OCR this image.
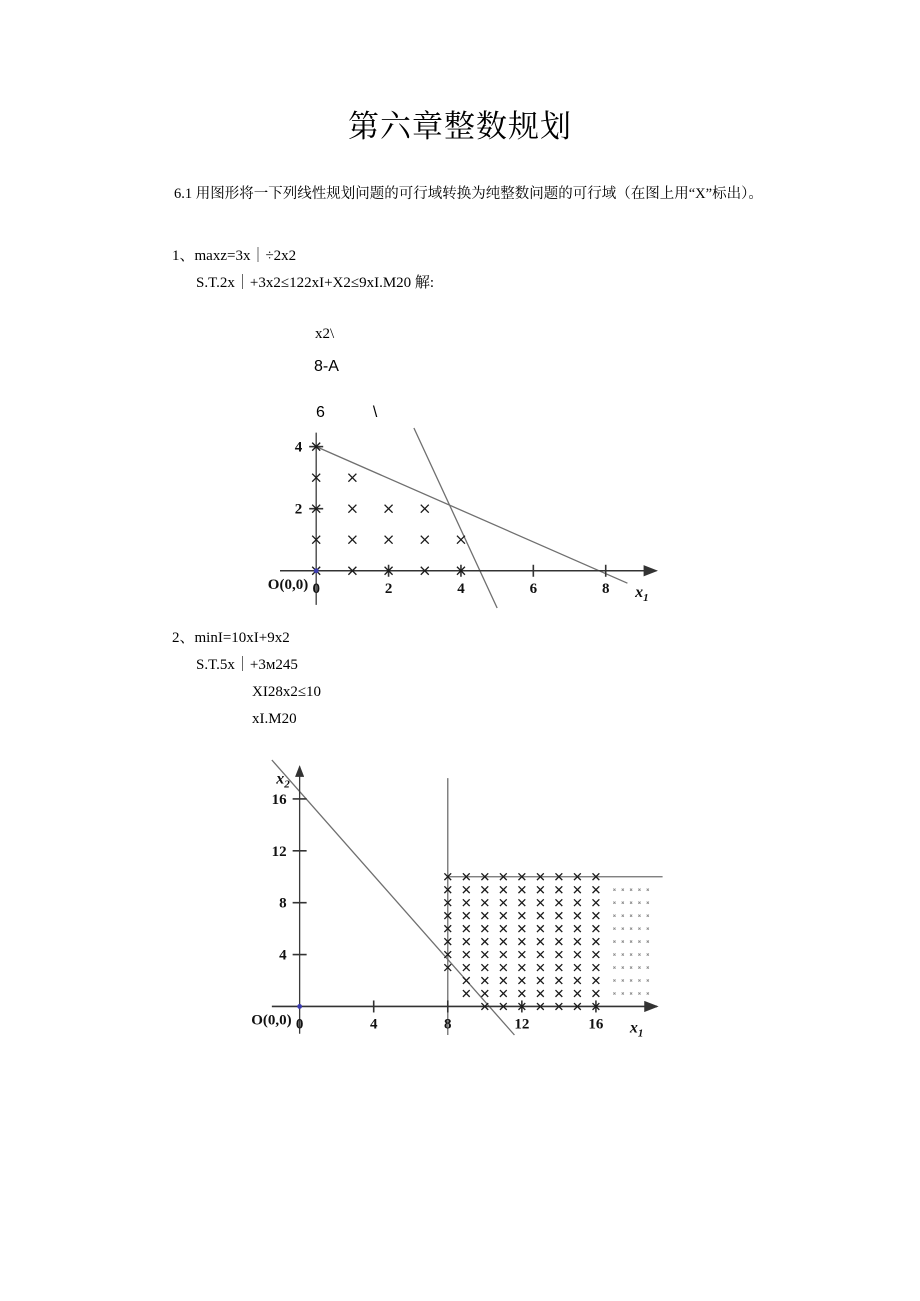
第六章整数规划
6.1 用图形将一下列线性规划问题的可行域转换为纯整数问题的可行域（在图上用“X”标出）。
1、maxz=3x｜÷2x2
S.T.2x｜+3x2≤122xI+X2≤9xI.M20 解:
x2\
8-A
6	\
0	2	4	6	8
2
4
O(0,0)	$x_1$
2、minI=10xI+9x2
S.T.5x｜+3м245
XI28x2≤10
xI.M20
0	4	8	12	16
4
8
12
16
O(0,0)	$x_1$
$x_2$
